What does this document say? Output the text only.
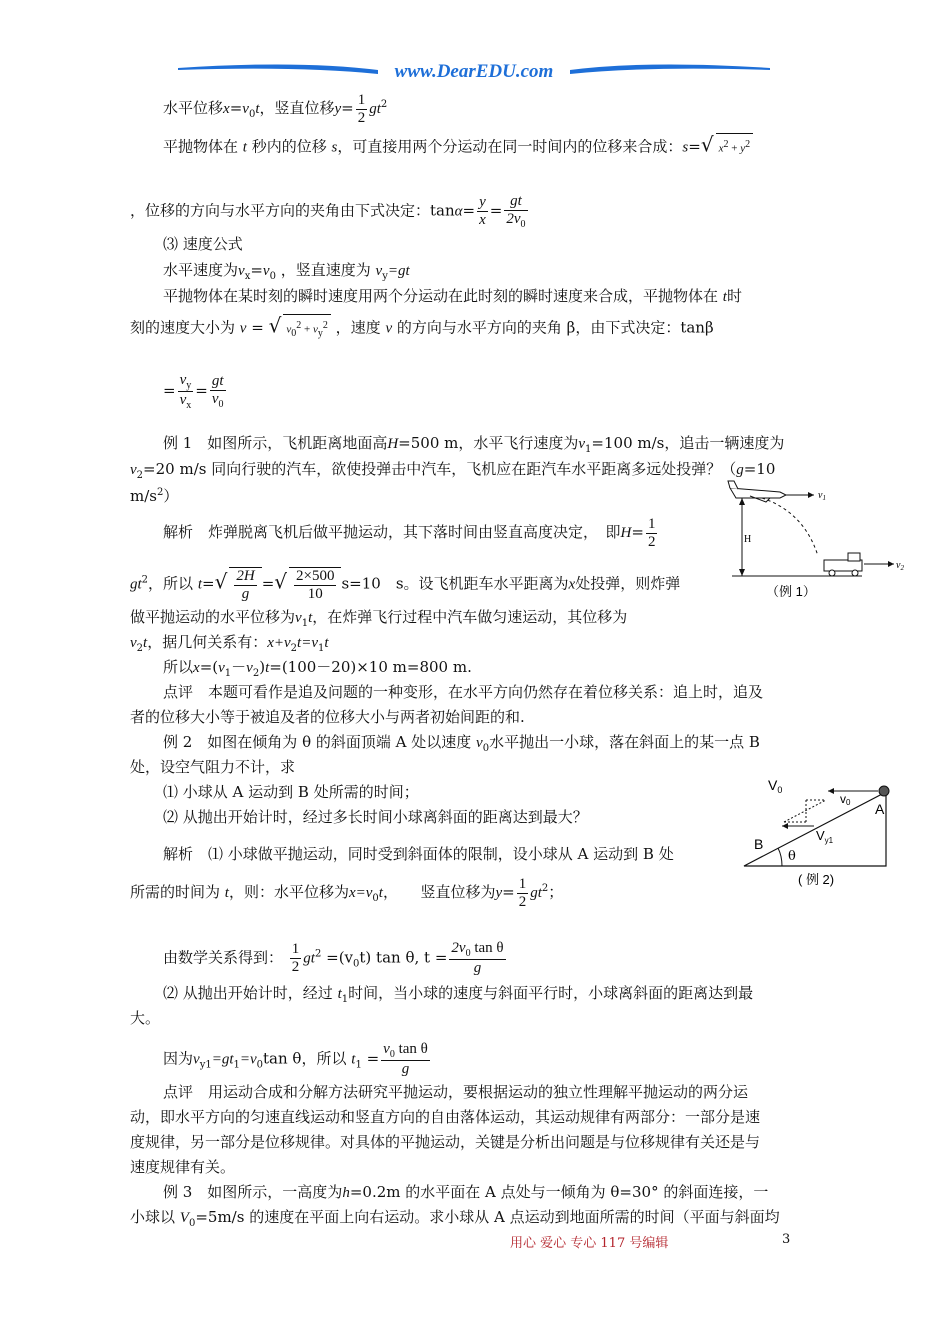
www.DearEDU.com
水平位移$x=v_0t$，竖直位移$y= \frac{1}{2} gt^2$
平抛物体在 t 秒内的位移 s，可直接用两个分运动在同一时间内的位移来合成：s=√ $x^2 + y^2$
，位移的方向与水平方向的夹角由下式决定：$\tan\alpha= \frac{y}{x} = \frac{gt}{2v_0}$
⑶ 速度公式
水平速度为$v_x=v_0$ ，竖直速度为 $v_y=gt$
平抛物体在某时刻的瞬时速度用两个分运动在此时刻的瞬时速度来合成，平抛物体在 t时
刻的速度大小为 v = √ $v_0^2 + v_y^2$ ，速度 v 的方向与水平方向的夹角 β，由下式决定：tanβ
= $\frac{v_y}{v_x} = \frac{gt}{v_0}$
例 1　如图所示，飞机距离地面高H=500 m，水平飞行速度为$v_1=100$ m/s，追击一辆速度为
$v_2=20$ m/s 同向行驶的汽车，欲使投弹击中汽车，飞机应在距汽车水平距离多远处投弹？（g=10
$m/s^2$）
解析　炸弹脱离飞机后做平抛运动，其下落时间由竖直高度决定，　即$H= \frac{1}{2}$
$gt^2$，所以 $t=√ \frac{2H}{g}$ =√ $\frac{2\times 500}{10} s=10$　s。设飞机距车水平距离为x处投弹，则炸弹
做平抛运动的水平位移为$v_1t$，在炸弹飞行过程中汽车做匀速运动，其位移为
$v_2t$，据几何关系有：$x+v_2t=v_1t$
所以$x=(v_1-v_2)t=(100-20)\times 10$ m=800 m.
点评　本题可看作是追及问题的一种变形，在水平方向仍然存在着位移关系：追上时，追及
者的位移大小等于被追及者的位移大小与两者初始间距的和.
例 2　如图在倾角为 θ 的斜面顶端 A 处以速度 $v_0$水平抛出一小球，落在斜面上的某一点 B
处，设空气阻力不计，求
⑴ 小球从 A 运动到 B 处所需的时间；
⑵ 从抛出开始计时，经过多长时间小球离斜面的距离达到最大？
解析　⑴ 小球做平抛运动，同时受到斜面体的限制，设小球从 A 运动到 B 处
所需的时间为 t，则：水平位移为$x=v_0t$，　　竖直位移为$y= \frac{1}{2} gt^2$；
由数学关系得到： $\frac{1}{2} gt^2 =(v_0t)$ tan θ, $t = \frac{2v_0 \tan \theta}{g}$
⑵ 从抛出开始计时，经过 $t_1$时间，当小球的速度与斜面平行时，小球离斜面的距离达到最
大。
因为$v_{y1}=gt_1=v_0\tan$ θ，所以 $t_1 = \frac{v_0 \tan \theta}{g}$
点评　用运动合成和分解方法研究平抛运动，要根据运动的独立性理解平抛运动的两分运
动，即水平方向的匀速直线运动和竖直方向的自由落体运动，其运动规律有两部分：一部分是速
度规律，另一部分是位移规律。对具体的平抛运动，关键是分析出问题是与位移规律有关还是与
速度规律有关。
例 3　如图所示，一高度为h=0.2m 的水平面在 A 点处与一倾角为 θ=30° 的斜面连接，一
小球以 $V_0=5m/s$ 的速度在平面上向右运动。求小球从 A 点运动到地面所需的时间（平面与斜面均
$v_1$
H
$v_2$
（例 1）
$V_0$
v0 A
$V_{y1}$
B
θ
( 例 2)
用心 爱心 专心 117 号编辑	3
